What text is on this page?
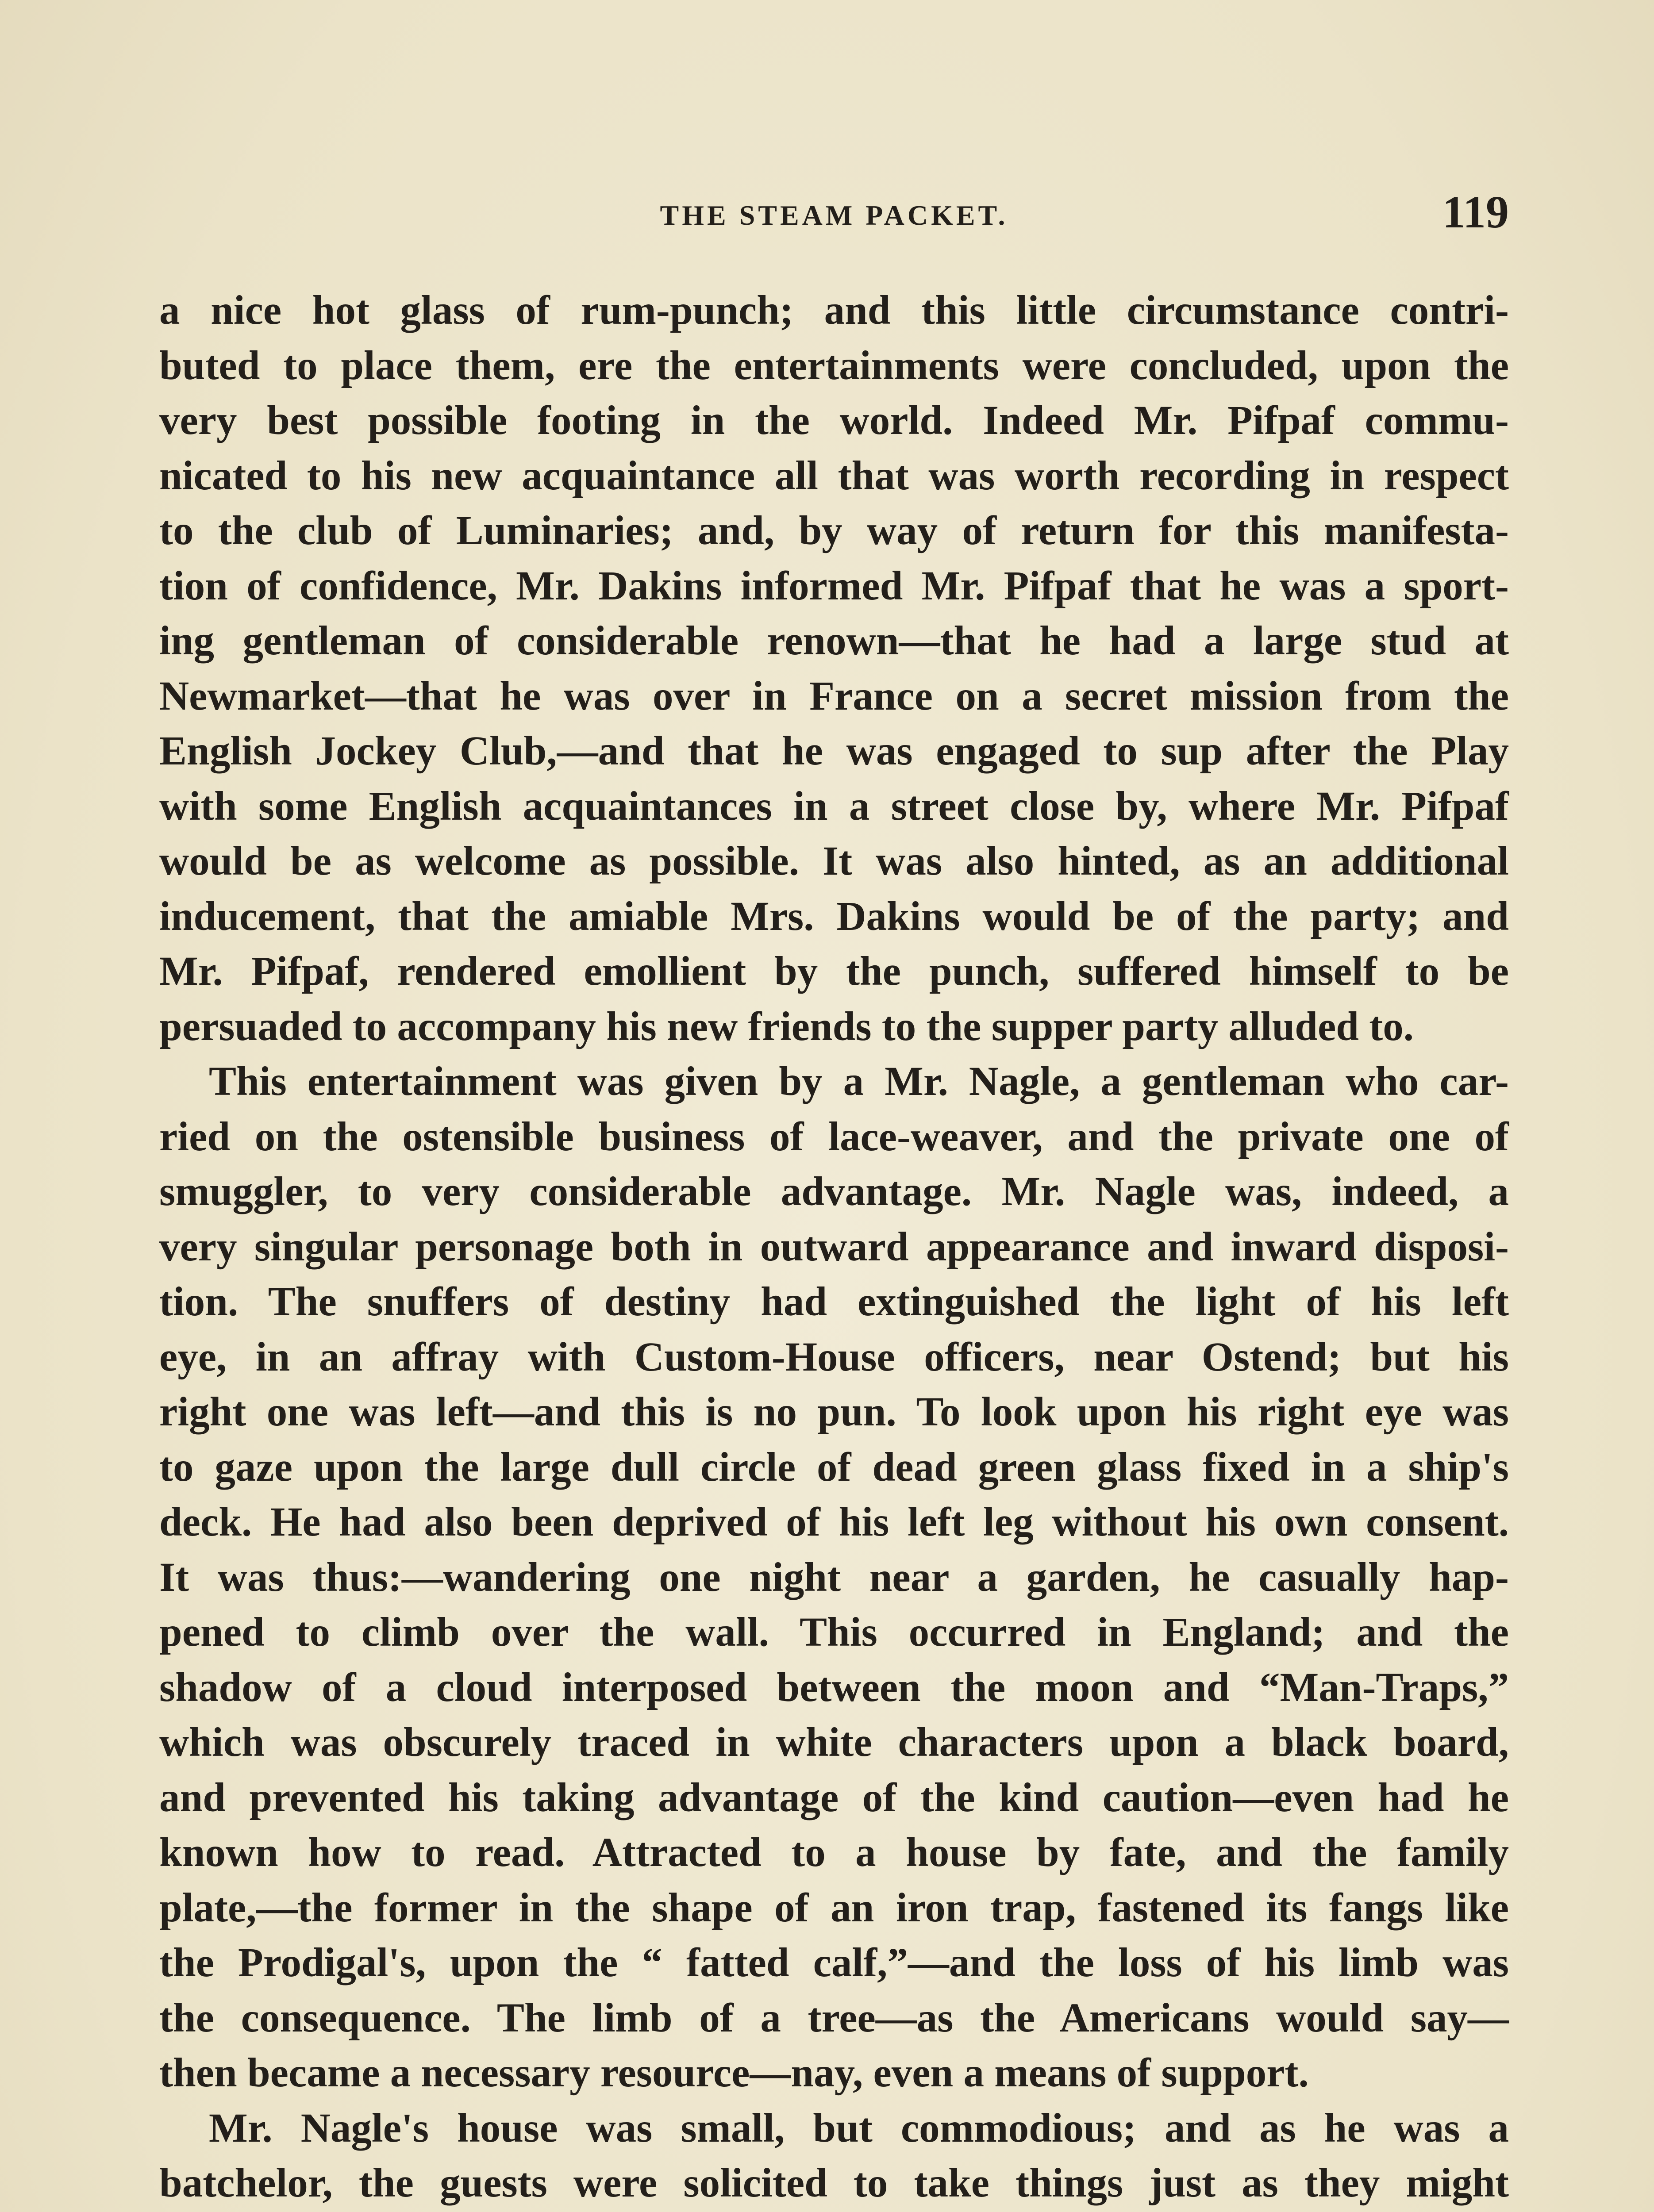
THE STEAM PACKET.	119
a nice hot glass of rum-punch; and this little circumstance contri-
buted to place them, ere the entertainments were concluded, upon the
very best possible footing in the world. Indeed Mr. Pifpaf commu-
nicated to his new acquaintance all that was worth recording in respect
to the club of Luminaries; and, by way of return for this manifesta-
tion of confidence, Mr. Dakins informed Mr. Pifpaf that he was a sport-
ing gentleman of considerable renown—that he had a large stud at
Newmarket—that he was over in France on a secret mission from the
English Jockey Club,—and that he was engaged to sup after the Play
with some English acquaintances in a street close by, where Mr. Pifpaf
would be as welcome as possible. It was also hinted, as an additional
inducement, that the amiable Mrs. Dakins would be of the party; and
Mr. Pifpaf, rendered emollient by the punch, suffered himself to be
persuaded to accompany his new friends to the supper party alluded to.
This entertainment was given by a Mr. Nagle, a gentleman who car-
ried on the ostensible business of lace-weaver, and the private one of
smuggler, to very considerable advantage. Mr. Nagle was, indeed, a
very singular personage both in outward appearance and inward disposi-
tion. The snuffers of destiny had extinguished the light of his left
eye, in an affray with Custom-House officers, near Ostend; but his
right one was left—and this is no pun. To look upon his right eye was
to gaze upon the large dull circle of dead green glass fixed in a ship's
deck. He had also been deprived of his left leg without his own consent.
It was thus:—wandering one night near a garden, he casually hap-
pened to climb over the wall. This occurred in England; and the
shadow of a cloud interposed between the moon and “Man-Traps,”
which was obscurely traced in white characters upon a black board,
and prevented his taking advantage of the kind caution—even had he
known how to read. Attracted to a house by fate, and the family
plate,—the former in the shape of an iron trap, fastened its fangs like
the Prodigal's, upon the “ fatted calf,”—and the loss of his limb was
the consequence. The limb of a tree—as the Americans would say—
then became a necessary resource—nay, even a means of support.
Mr. Nagle's house was small, but commodious; and as he was a
batchelor, the guests were solicited to take things just as they might
